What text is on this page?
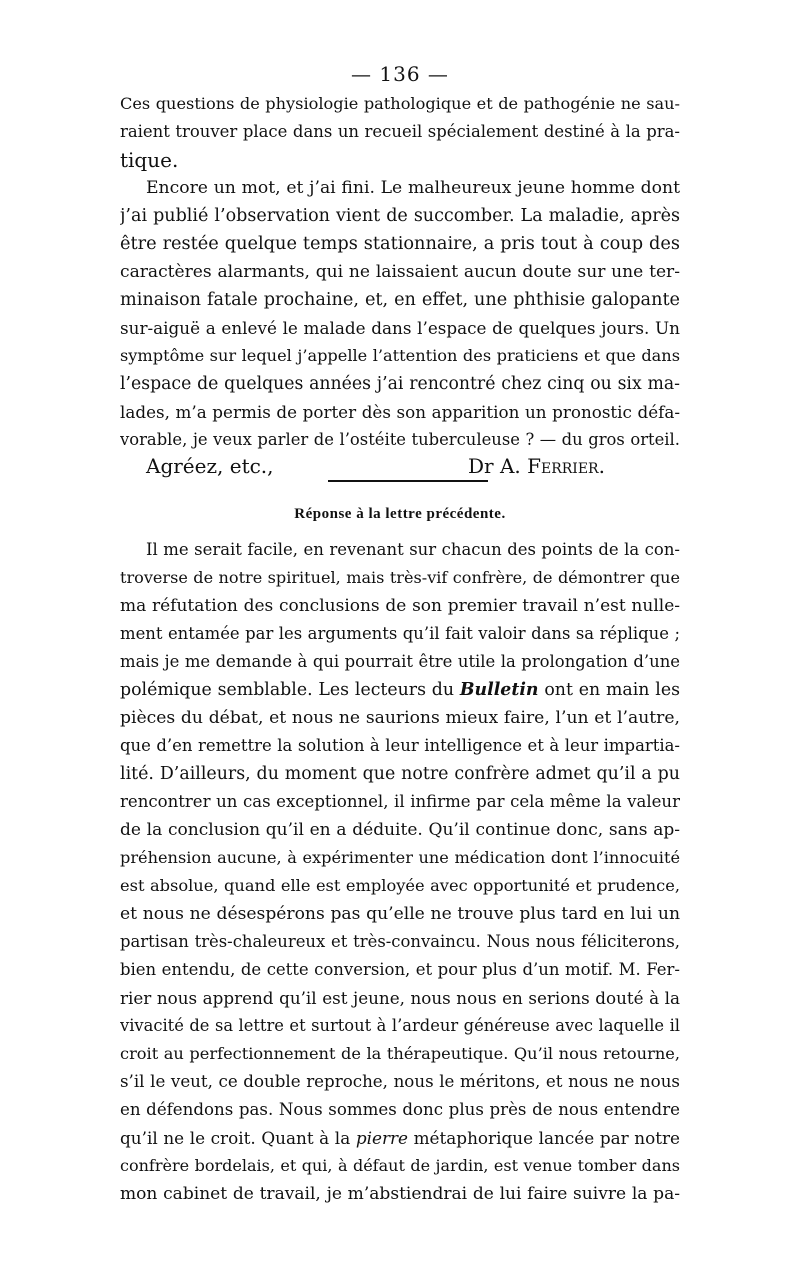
— 136 —
Ces questions de physiologie pathologique et de pathogénie ne sau-
raient trouver place dans un recueil spécialement destiné à la pra-
tique.
Encore un mot, et j’ai fini. Le malheureux jeune homme dont
j’ai publié l’observation vient de succomber. La maladie, après
être restée quelque temps stationnaire, a pris tout à coup des
caractères alarmants, qui ne laissaient aucun doute sur une ter-
minaison fatale prochaine, et, en effet, une phthisie galopante
sur-aiguë a enlevé le malade dans l’espace de quelques jours. Un
symptôme sur lequel j’appelle l’attention des praticiens et que dans
l’espace de quelques années j’ai rencontré chez cinq ou six ma-
lades, m’a permis de porter dès son apparition un pronostic défa-
vorable, je veux parler de l’ostéite tuberculeuse ? — du gros orteil.
Agréez, etc.,	Dr A. Ferrier.
Réponse à la lettre précédente.
Il me serait facile, en revenant sur chacun des points de la con-
troverse de notre spirituel, mais très-vif confrère, de démontrer que
ma réfutation des conclusions de son premier travail n’est nulle-
ment entamée par les arguments qu’il fait valoir dans sa réplique ;
mais je me demande à qui pourrait être utile la prolongation d’une
polémique semblable. Les lecteurs du Bulletin ont en main les
pièces du débat, et nous ne saurions mieux faire, l’un et l’autre,
que d’en remettre la solution à leur intelligence et à leur impartia-
lité. D’ailleurs, du moment que notre confrère admet qu’il a pu
rencontrer un cas exceptionnel, il infirme par cela même la valeur
de la conclusion qu’il en a déduite. Qu’il continue donc, sans ap-
préhension aucune, à expérimenter une médication dont l’innocuité
est absolue, quand elle est employée avec opportunité et prudence,
et nous ne désespérons pas qu’elle ne trouve plus tard en lui un
partisan très-chaleureux et très-convaincu. Nous nous féliciterons,
bien entendu, de cette conversion, et pour plus d’un motif. M. Fer-
rier nous apprend qu’il est jeune, nous nous en serions douté à la
vivacité de sa lettre et surtout à l’ardeur généreuse avec laquelle il
croit au perfectionnement de la thérapeutique. Qu’il nous retourne,
s’il le veut, ce double reproche, nous le méritons, et nous ne nous
en défendons pas. Nous sommes donc plus près de nous entendre
qu’il ne le croit. Quant à la pierre métaphorique lancée par notre
confrère bordelais, et qui, à défaut de jardin, est venue tomber dans
mon cabinet de travail, je m’abstiendrai de lui faire suivre la pa-
